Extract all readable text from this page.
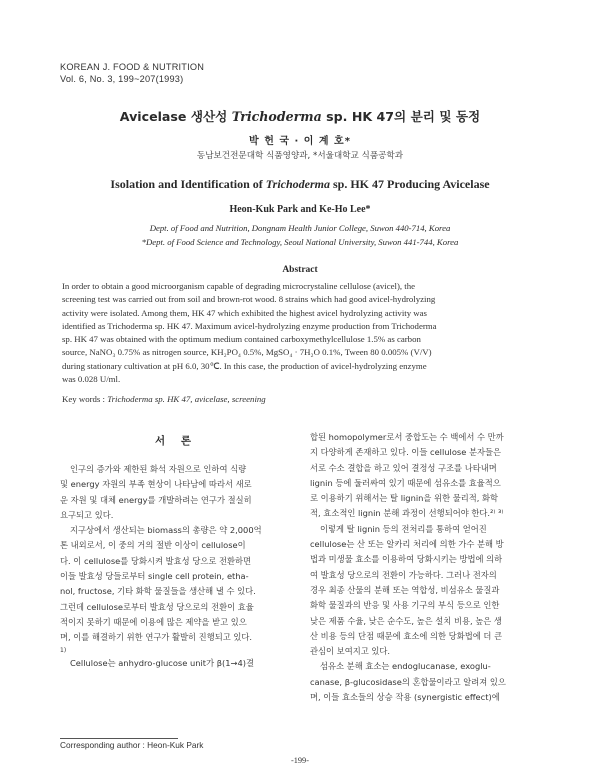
KOREAN J. FOOD & NUTRITION
Vol. 6, No. 3, 199~207(1993)
Avicelase 생산성 Trichoderma sp. HK 47의 분리 및 동정
박 헌 국 · 이 계 호*
동남보건전문대학 식품영양과, *서울대학교 식품공학과
Isolation and Identification of Trichoderma sp. HK 47 Producing Avicelase
Heon-Kuk Park and Ke-Ho Lee*
Dept. of Food and Nutrition, Dongnam Health Junior College, Suwon 440-714, Korea
*Dept. of Food Science and Technology, Seoul National University, Suwon 441-744, Korea
Abstract
In order to obtain a good microorganism capable of degrading microcrystaline cellulose (avicel), the
screening test was carried out from soil and brown-rot wood. 8 strains which had good avicel-hydrolyzing
activity were isolated. Among them, HK 47 which exhibited the highest avicel hydrolyzing activity was
identified as Trichoderma sp. HK 47. Maximum avicel-hydrolyzing enzyme production from Trichoderma
sp. HK 47 was obtained with the optimum medium contained carboxymethylcellulose 1.5% as carbon
source, NaNO₃ 0.75% as nitrogen source, KH₂PO₄ 0.5%, MgSO₄ · 7H₂O 0.1%, Tween 80 0.005% (V/V)
during stationary cultivation at pH 6.0, 30℃. In this case, the production of avicel-hydrolyzing enzyme
was 0.028 U/ml.
Key words : Trichoderma sp. HK 47, avicelase, screening
서 론
인구의 증가와 제한된 화석 자원으로 인하여 식량
및 energy 자원의 부족 현상이 나타남에 따라서 새로
운 자원 및 대체 energy를 개발하려는 연구가 절실히
요구되고 있다.
지구상에서 생산되는 biomass의 총량은 약 2,000억
톤 내외로서, 이 중의 거의 절반 이상이 cellulose이
다. 이 cellulose를 당화시켜 발효성 당으로 전환하면
이들 발효성 당들로부터 single cell protein, etha-
nol, fructose, 기타 화학 물질들을 생산해 낼 수 있다.
그런데 cellulose로부터 발효성 당으로의 전환이 효율
적이지 못하기 때문에 이용에 많은 제약을 받고 있으
며, 이를 해결하기 위한 연구가 활발히 진행되고 있다.
1)
Cellulose는 anhydro-glucose unit가 β(1→4)결
합된 homopolymer로서 중합도는 수 백에서 수 만까
지 다양하게 존재하고 있다. 이들 cellulose 분자들은
서로 수소 결합을 하고 있어 결정성 구조를 나타내며
lignin 등에 둘러싸여 있기 때문에 섬유소를 효율적으
로 이용하기 위해서는 탈 lignin을 위한 물리적, 화학
적, 효소적인 lignin 분해 과정이 선행되어야 한다.²⁾ ³⁾
이렇게 탈 lignin 등의 전처리를 통하여 얻어진
cellulose는 산 또는 알카리 처리에 의한 가수 분해 방
법과 미생물 효소를 이용하여 당화시키는 방법에 의하
여 발효성 당으로의 전환이 가능하다. 그러나 전자의
경우 최종 산물의 분해 또는 역합성, 비섬유소 물질과
화학 물질과의 반응 및 사용 기구의 부식 등으로 인한
낮은 제품 수율, 낮은 순수도, 높은 설치 비용, 높은 생
산 비용 등의 단점 때문에 효소에 의한 당화법에 더 큰
관심이 보여지고 있다.
섬유소 분해 효소는 endoglucanase, exoglu-
canase, β-glucosidase의 혼합물이라고 알려져 있으
며, 이들 효소들의 상승 작용 (synergistic effect)에
Corresponding author : Heon-Kuk Park
-199-
